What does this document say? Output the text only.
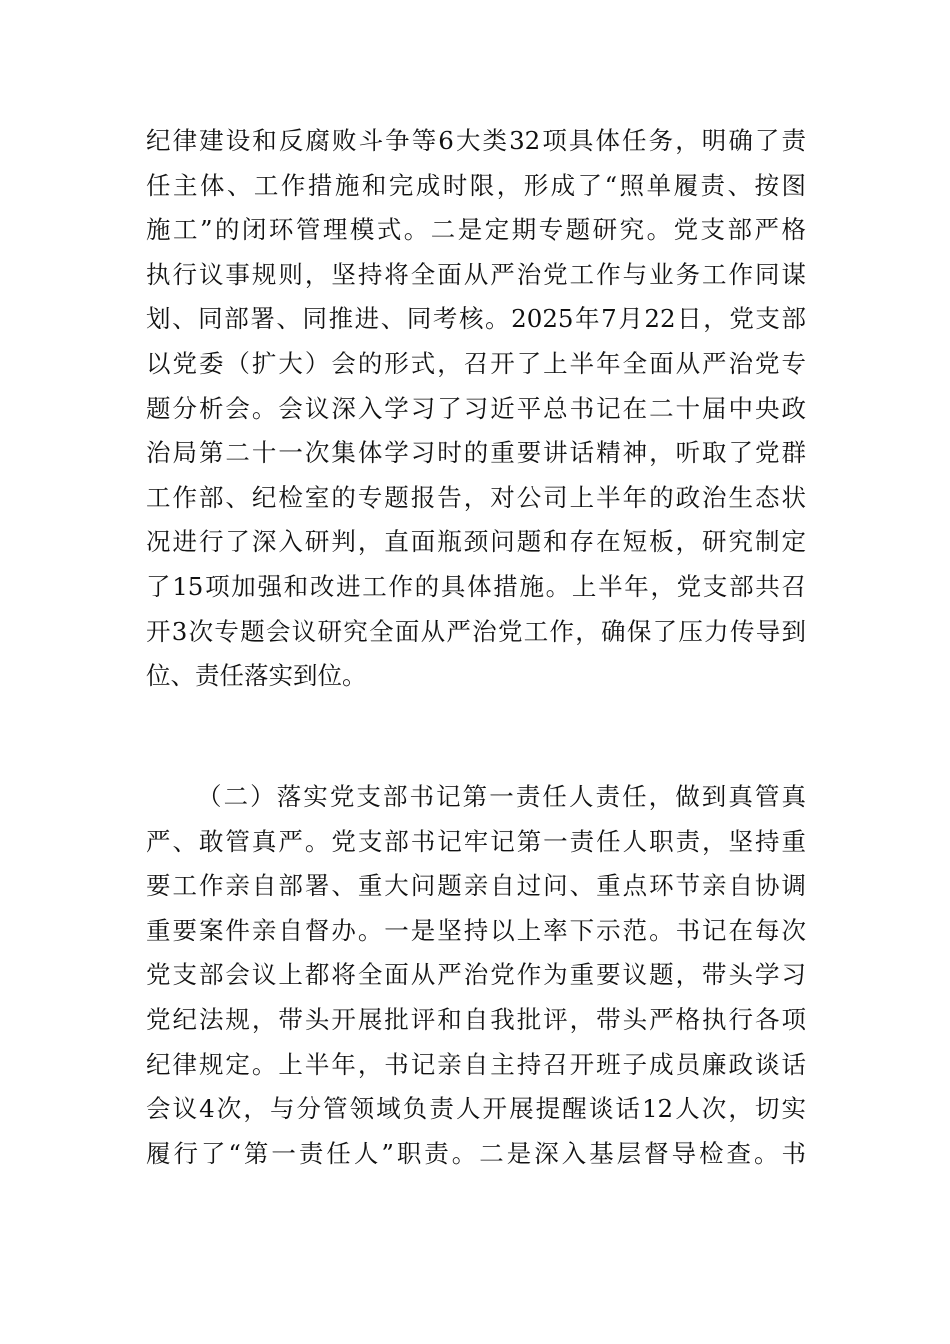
纪律建设和反腐败斗争等6大类32项具体任务，明确了责
任主体、工作措施和完成时限，形成了“照单履责、按图
施工”的闭环管理模式。二是定期专题研究。党支部严格
执行议事规则，坚持将全面从严治党工作与业务工作同谋
划、同部署、同推进、同考核。2025年7月22日，党支部
以党委（扩大）会的形式，召开了上半年全面从严治党专
题分析会。会议深入学习了习近平总书记在二十届中央政
治局第二十一次集体学习时的重要讲话精神，听取了党群
工作部、纪检室的专题报告，对公司上半年的政治生态状
况进行了深入研判，直面瓶颈问题和存在短板，研究制定
了15项加强和改进工作的具体措施。上半年，党支部共召
开3次专题会议研究全面从严治党工作，确保了压力传导到
位、责任落实到位。
（二）落实党支部书记第一责任人责任，做到真管真
严、敢管真严。党支部书记牢记第一责任人职责，坚持重
要工作亲自部署、重大问题亲自过问、重点环节亲自协调
重要案件亲自督办。一是坚持以上率下示范。书记在每次
党支部会议上都将全面从严治党作为重要议题，带头学习
党纪法规，带头开展批评和自我批评，带头严格执行各项
纪律规定。上半年，书记亲自主持召开班子成员廉政谈话
会议4次，与分管领域负责人开展提醒谈话12人次，切实
履行了“第一责任人”职责。二是深入基层督导检查。书
